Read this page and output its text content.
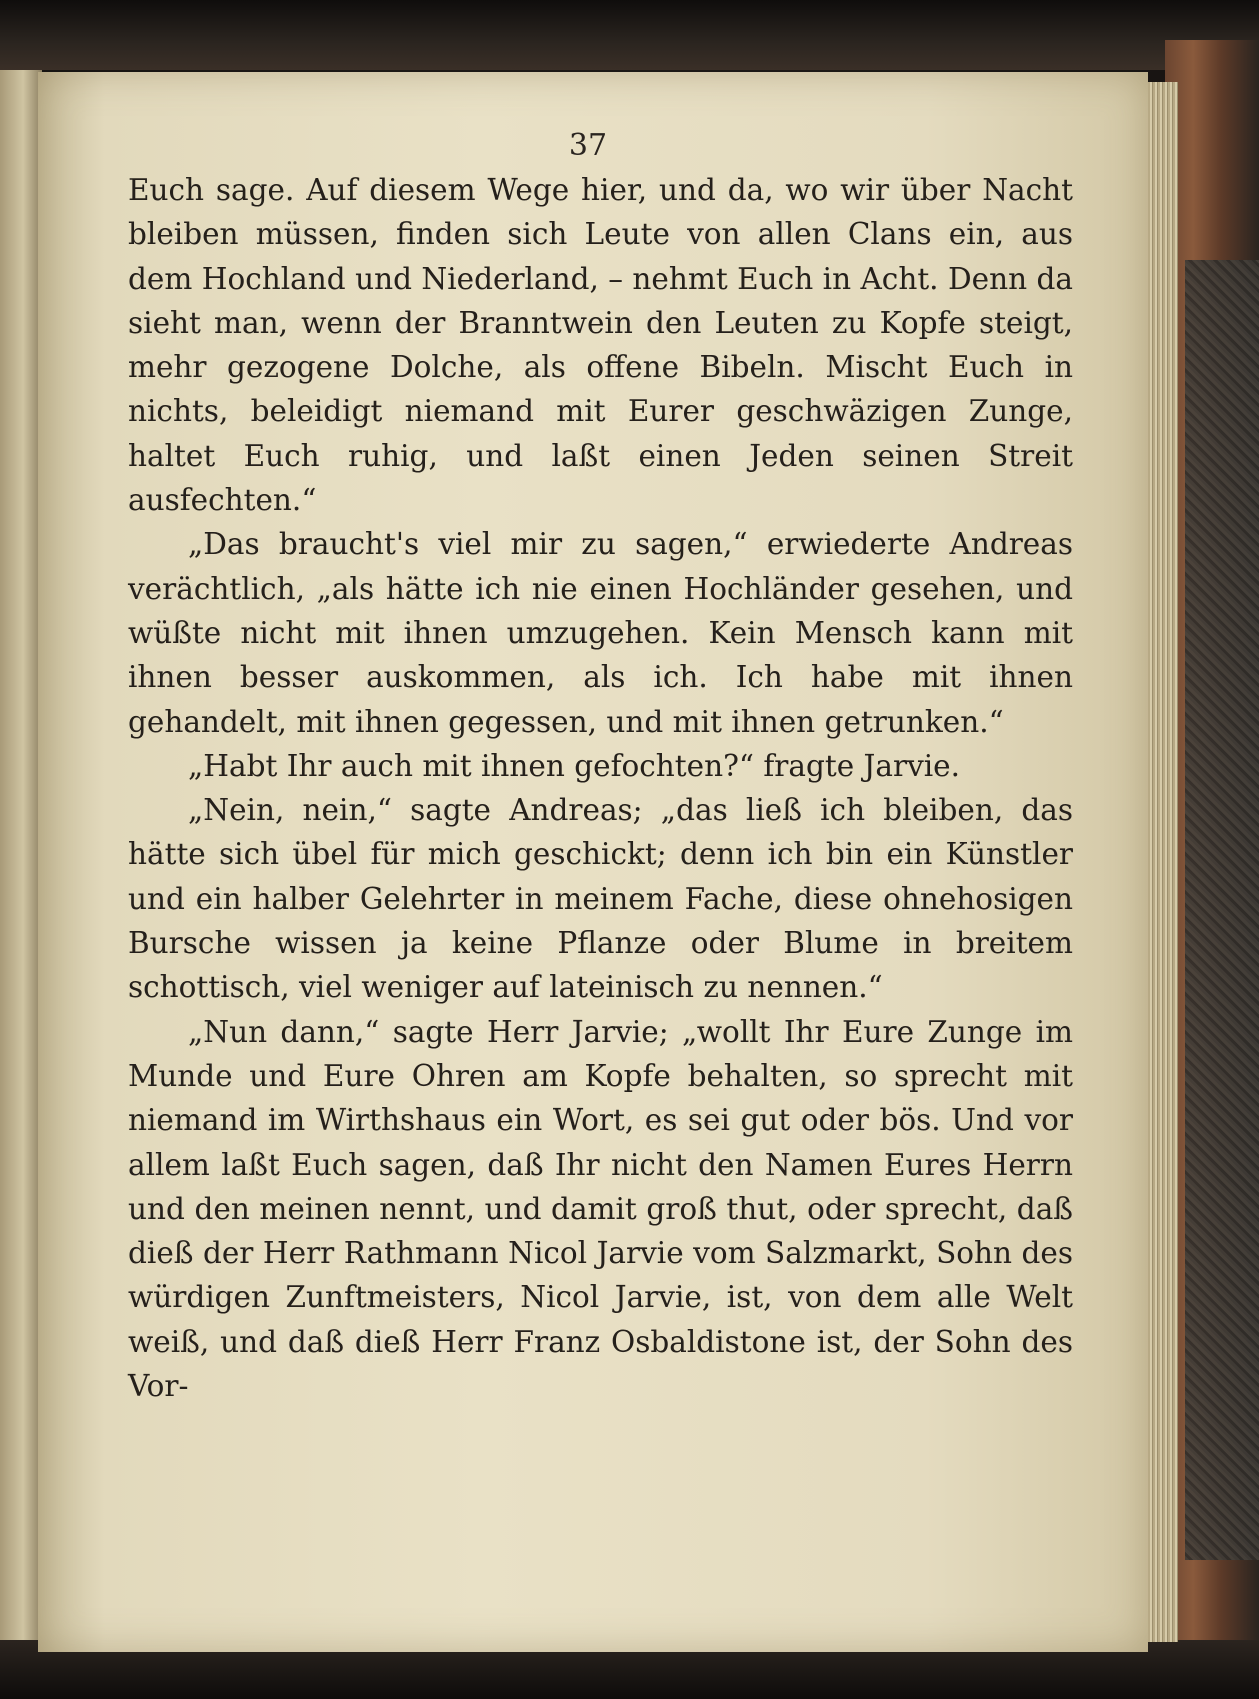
37

Euch sage. Auf diesem Wege hier, und da, wo wir über Nacht bleiben müssen, finden sich Leute von allen Clans ein, aus dem Hochland und Niederland, – nehmt Euch in Acht. Denn da sieht man, wenn der Branntwein den Leuten zu Kopfe steigt, mehr gezogene Dolche, als offene Bibeln. Mischt Euch in nichts, beleidigt niemand mit Eurer geschwäzigen Zunge, haltet Euch ruhig, und laßt einen Jeden seinen Streit ausfechten.“

„Das braucht's viel mir zu sagen,“ erwiederte Andreas verächtlich, „als hätte ich nie einen Hochländer gesehen, und wüßte nicht mit ihnen umzugehen. Kein Mensch kann mit ihnen besser auskommen, als ich. Ich habe mit ihnen gehandelt, mit ihnen gegessen, und mit ihnen getrunken.“

„Habt Ihr auch mit ihnen gefochten?“ fragte Jarvie.

„Nein, nein,“ sagte Andreas; „das ließ ich bleiben, das hätte sich übel für mich geschickt; denn ich bin ein Künstler und ein halber Gelehrter in meinem Fache, diese ohnehosigen Bursche wissen ja keine Pflanze oder Blume in breitem schottisch, viel weniger auf lateinisch zu nennen.“

„Nun dann,“ sagte Herr Jarvie; „wollt Ihr Eure Zunge im Munde und Eure Ohren am Kopfe behalten, so sprecht mit niemand im Wirthshaus ein Wort, es sei gut oder bös. Und vor allem laßt Euch sagen, daß Ihr nicht den Namen Eures Herrn und den meinen nennt, und damit groß thut, oder sprecht, daß dieß der Herr Rathmann Nicol Jarvie vom Salzmarkt, Sohn des würdigen Zunftmeisters, Nicol Jarvie, ist, von dem alle Welt weiß, und daß dieß Herr Franz Osbaldistone ist, der Sohn des Vor-
